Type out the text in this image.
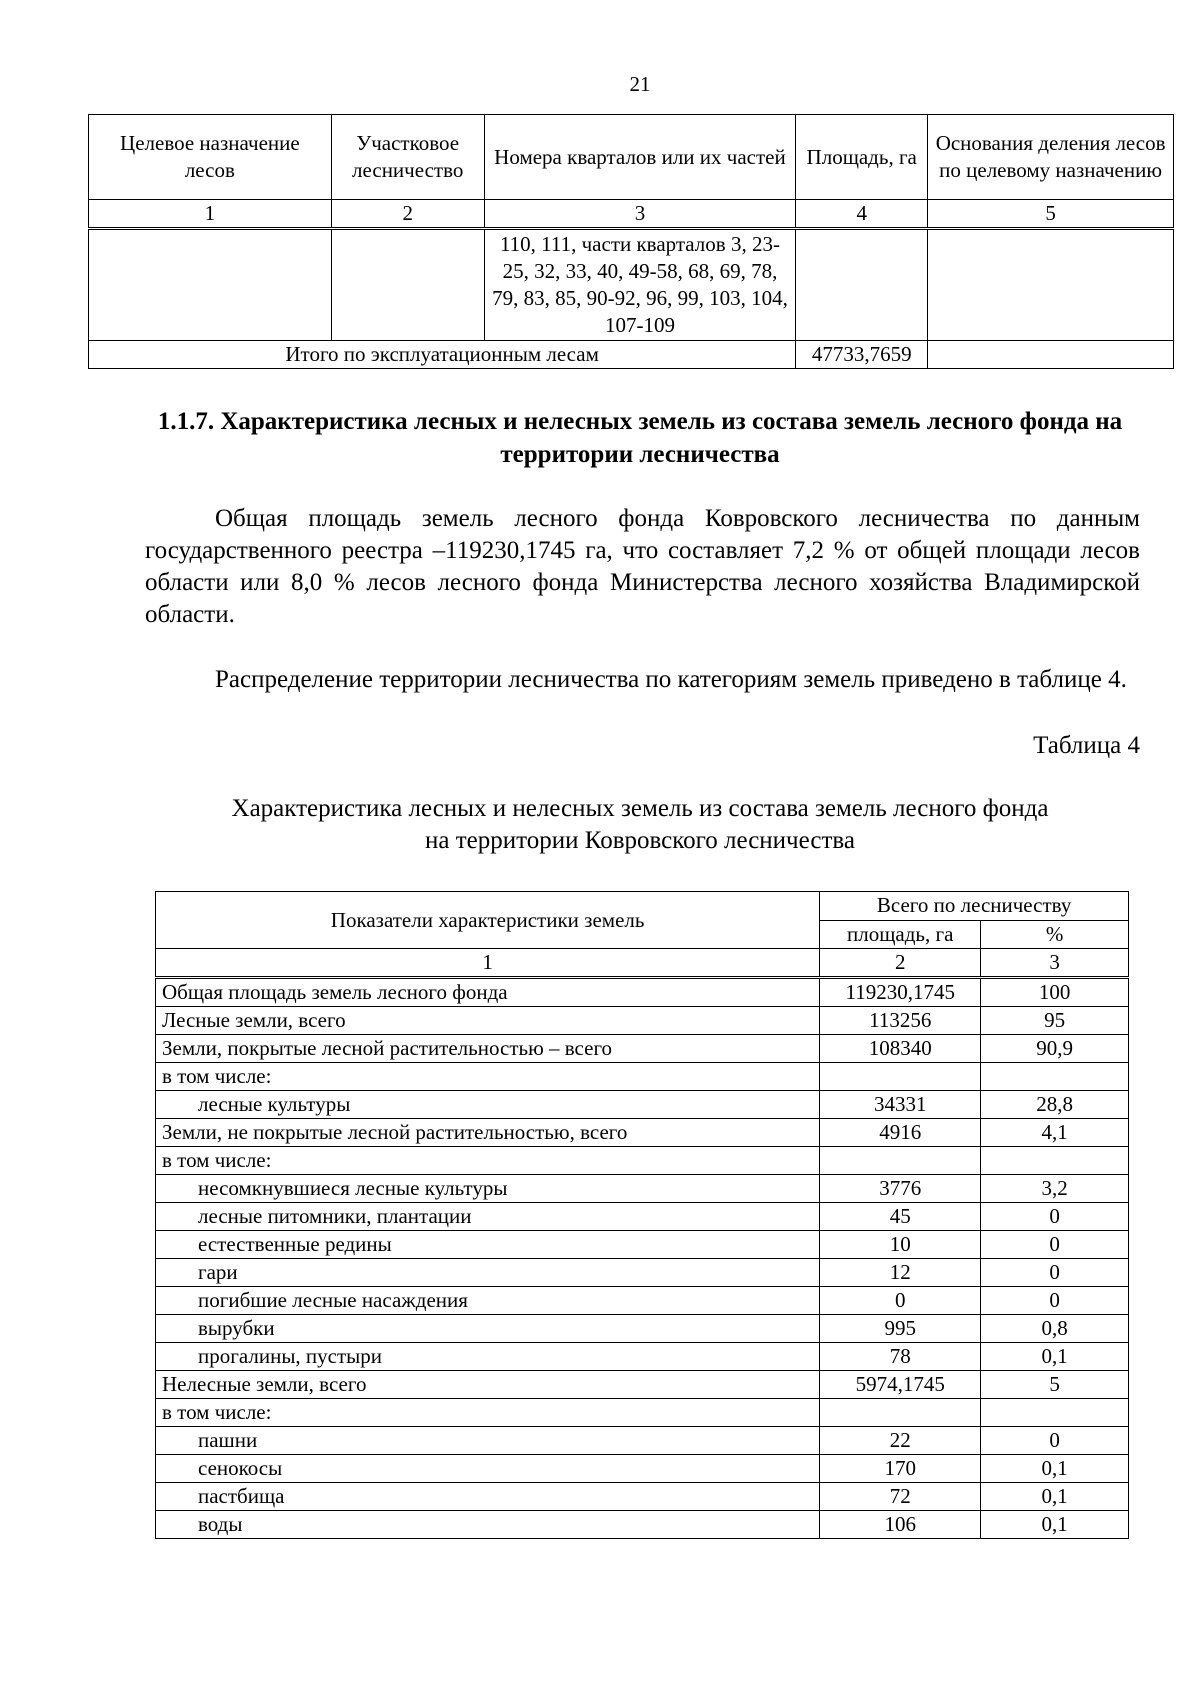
21
Целевое назначение лесов	Участковое лесничество	Номера кварталов или их частей	Площадь, га	Основания деления лесов по целевому назначению
1	2	3	4	5
		110, 111, части кварталов 3, 23-25, 32, 33, 40, 49-58, 68, 69, 78, 79, 83, 85, 90-92, 96, 99, 103, 104, 107-109		
Итого по эксплуатационным лесам			47733,7659	
1.1.7. Характеристика лесных и нелесных земель из состава земель лесного фонда на территории лесничества

Общая площадь земель лесного фонда Ковровского лесничества по данным государственного реестра –119230,1745 га, что составляет 7,2 % от общей площади лесов области или 8,0 % лесов лесного фонда Министерства лесного хозяйства Владимирской области.

Распределение территории лесничества по категориям земель приведено в таблице 4.

Таблица 4
Характеристика лесных и нелесных земель из состава земель лесного фонда
на территории Ковровского лесничества
Показатели характеристики земель	Всего по лесничеству	
	площадь, га	%
1	2	3
Общая площадь земель лесного фонда	119230,1745	100
Лесные земли, всего	113256	95
Земли, покрытые лесной растительностью – всего	108340	90,9
в том числе:		
лесные культуры	34331	28,8
Земли, не покрытые лесной растительностью, всего	4916	4,1
в том числе:		
несомкнувшиеся лесные культуры	3776	3,2
лесные питомники, плантации	45	0
естественные редины	10	0
гари	12	0
погибшие лесные насаждения	0	0
вырубки	995	0,8
прогалины, пустыри	78	0,1
Нелесные земли, всего	5974,1745	5
в том числе:		
пашни	22	0
сенокосы	170	0,1
пастбища	72	0,1
воды	106	0,1
